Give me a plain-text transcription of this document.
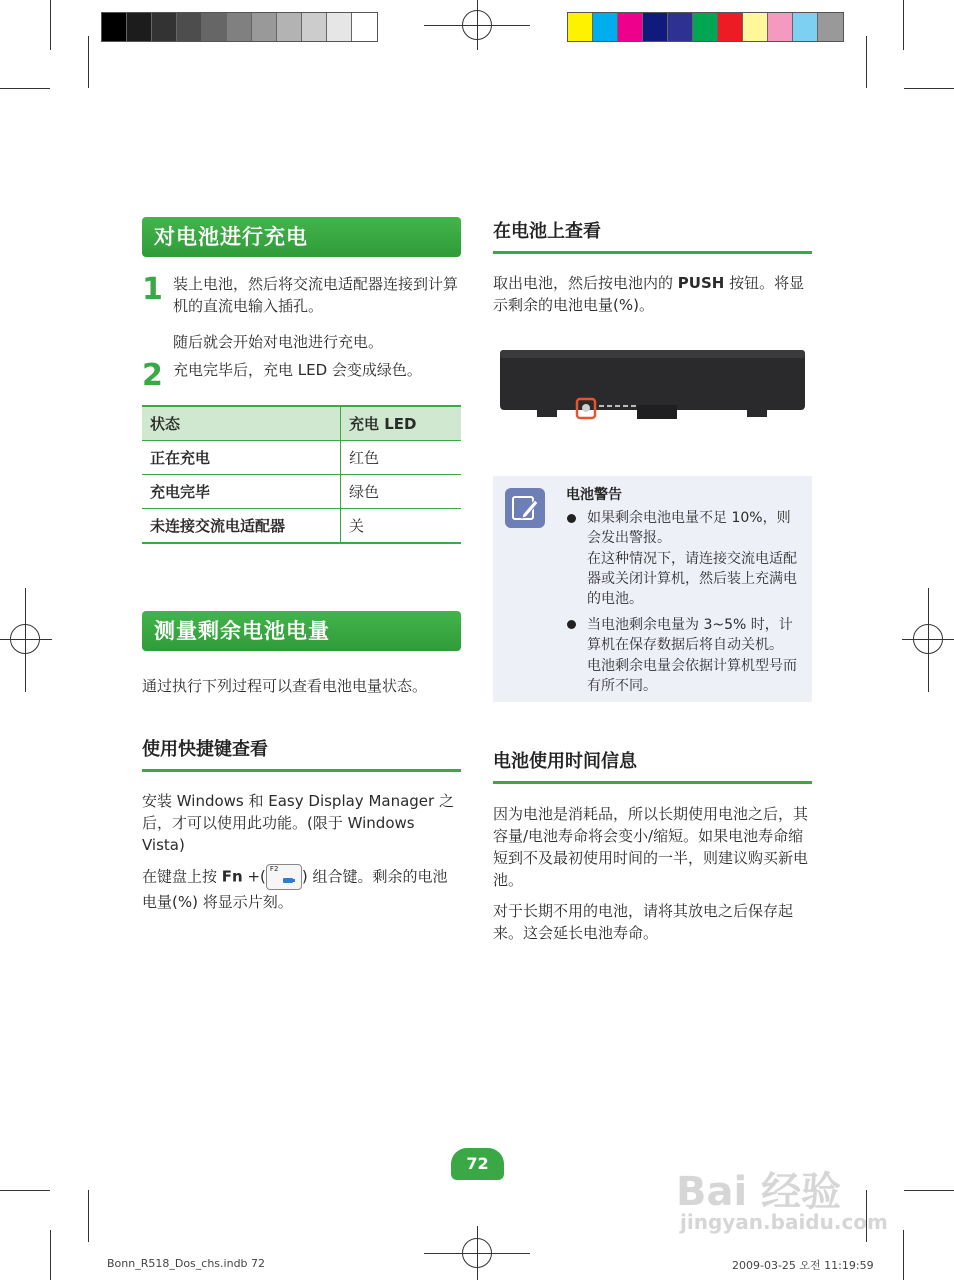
对电池进行充电
1 装上电池，然后将交流电适配器连接到计算机的直流电输入插孔。
随后就会开始对电池进行充电。
2 充电完毕后，充电 LED 会变成绿色。
状态	充电 LED
正在充电	红色
充电完毕	绿色
未连接交流电适配器	关
测量剩余电池电量
通过执行下列过程可以查看电池电量状态。
使用快捷键查看
安装 Windows 和 Easy Display Manager 之后，才可以使用此功能。(限于 Windows Vista)
在键盘上按 Fn +( F2 ) 组合键。剩余的电池电量(%) 将显示片刻。
在电池上查看
取出电池，然后按电池内的 PUSH 按钮。将显示剩余的电池电量(%)。
电池警告
如果剩余电池电量不足 10%，则会发出警报。
在这种情况下，请连接交流电适配器或关闭计算机，然后装上充满电的电池。
当电池剩余电量为 3~5% 时，计算机在保存数据后将自动关机。
电池剩余电量会依据计算机型号而有所不同。
电池使用时间信息
因为电池是消耗品，所以长期使用电池之后，其容量/电池寿命将会变小/缩短。如果电池寿命缩短到不及最初使用时间的一半，则建议购买新电池。
对于长期不用的电池，请将其放电之后保存起来。这会延长电池寿命。
72
Bai 经验
jingyan.baidu.com
Bonn_R518_Dos_chs.indb 72	2009-03-25 오전 11:19:59
